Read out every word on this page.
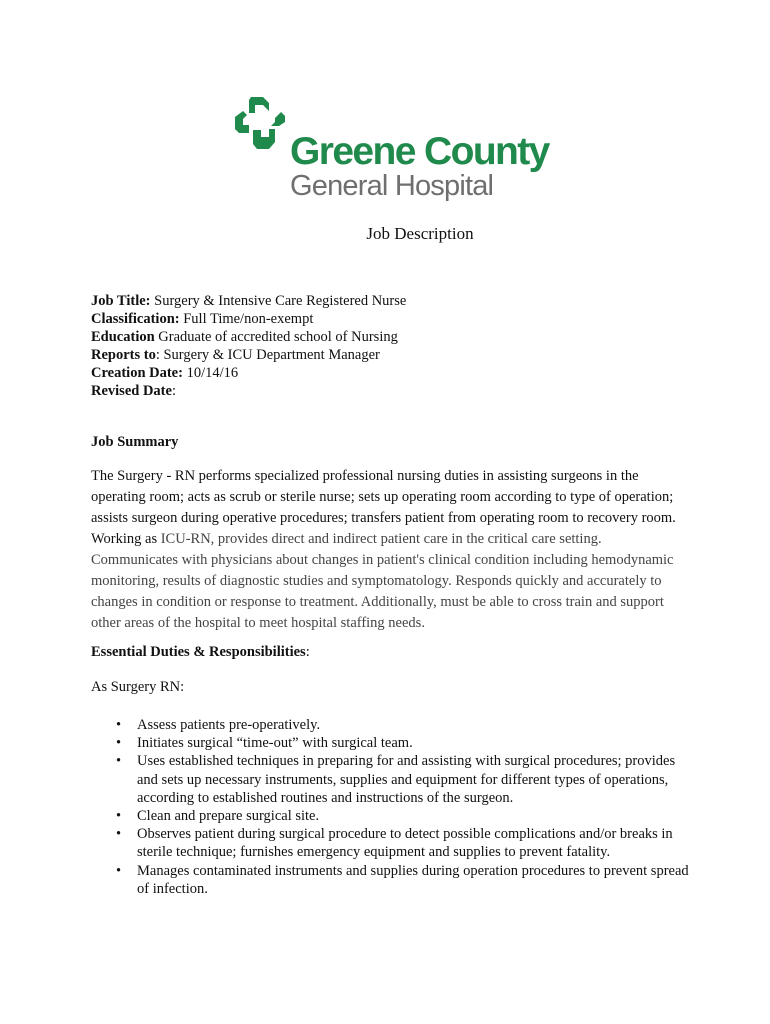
Greene County
General Hospital
Job Description
Job Title: Surgery & Intensive Care Registered Nurse
Classification: Full Time/non-exempt
Education Graduate of accredited school of Nursing
Reports to: Surgery & ICU Department Manager
Creation Date: 10/14/16
Revised Date:
Job Summary

The Surgery - RN performs specialized professional nursing duties in assisting surgeons in the operating room; acts as scrub or sterile nurse; sets up operating room according to type of operation; assists surgeon during operative procedures; transfers patient from operating room to recovery room. Working as ICU-RN, provides direct and indirect patient care in the critical care setting. Communicates with physicians about changes in patient's clinical condition including hemodynamic monitoring, results of diagnostic studies and symptomatology. Responds quickly and accurately to changes in condition or response to treatment. Additionally, must be able to cross train and support other areas of the hospital to meet hospital staffing needs.

Essential Duties & Responsibilities:
As Surgery RN:
• Assess patients pre-operatively.
• Initiates surgical “time-out” with surgical team.
• Uses established techniques in preparing for and assisting with surgical procedures; provides and sets up necessary instruments, supplies and equipment for different types of operations, according to established routines and instructions of the surgeon.
• Clean and prepare surgical site.
• Observes patient during surgical procedure to detect possible complications and/or breaks in sterile technique; furnishes emergency equipment and supplies to prevent fatality.
• Manages contaminated instruments and supplies during operation procedures to prevent spread of infection.
